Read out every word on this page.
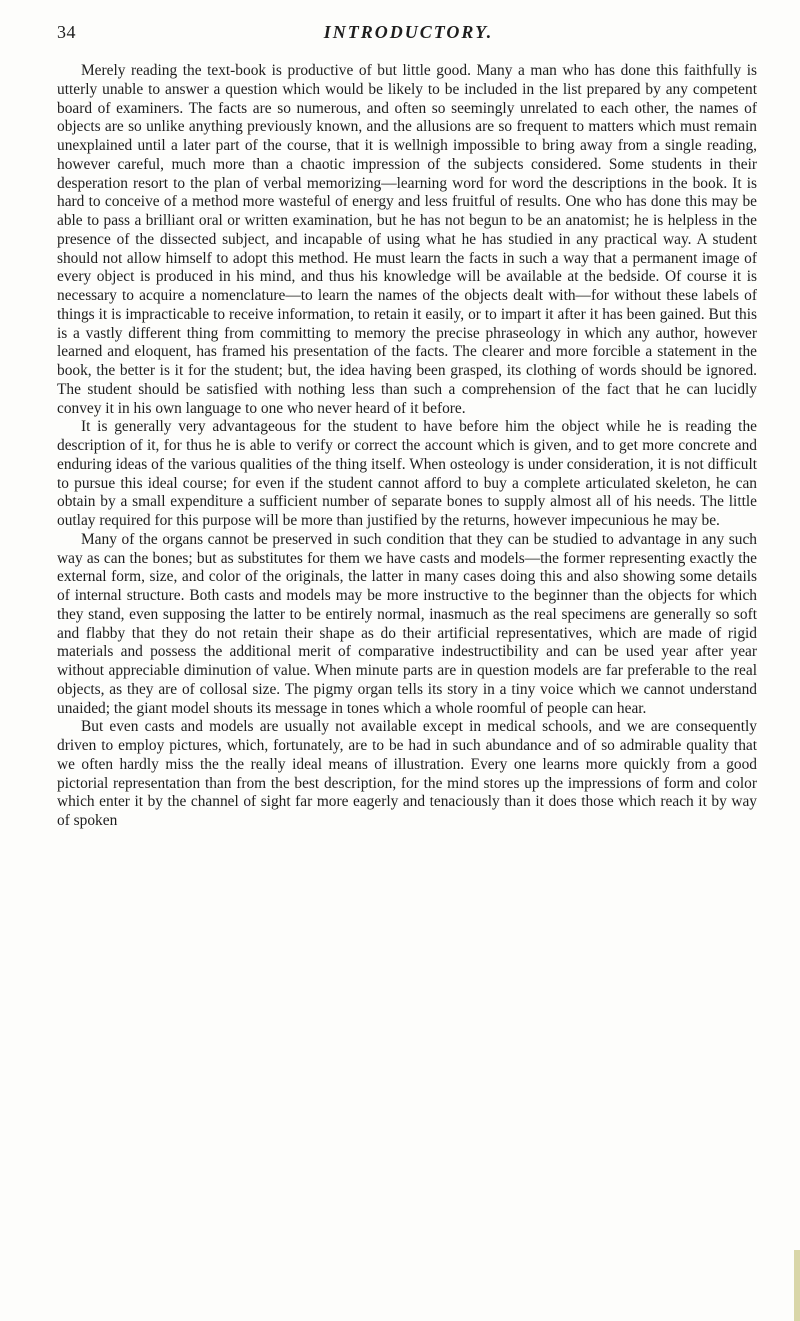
34	INTRODUCTORY.

Merely reading the text-book is productive of but little good. Many a man who has done this faithfully is utterly unable to answer a question which would be likely to be included in the list prepared by any competent board of examiners. The facts are so numerous, and often so seemingly unrelated to each other, the names of objects are so unlike anything previously known, and the allusions are so frequent to matters which must remain unexplained until a later part of the course, that it is wellnigh impossible to bring away from a single reading, however careful, much more than a chaotic impression of the subjects considered. Some students in their desperation resort to the plan of verbal memorizing—learning word for word the descriptions in the book. It is hard to conceive of a method more wasteful of energy and less fruitful of results. One who has done this may be able to pass a brilliant oral or written examination, but he has not begun to be an anatomist; he is helpless in the presence of the dissected subject, and incapable of using what he has studied in any practical way. A student should not allow himself to adopt this method. He must learn the facts in such a way that a permanent image of every object is produced in his mind, and thus his knowledge will be available at the bedside. Of course it is necessary to acquire a nomenclature—to learn the names of the objects dealt with—for without these labels of things it is impracticable to receive information, to retain it easily, or to impart it after it has been gained. But this is a vastly different thing from committing to memory the precise phraseology in which any author, however learned and eloquent, has framed his presentation of the facts. The clearer and more forcible a statement in the book, the better is it for the student; but, the idea having been grasped, its clothing of words should be ignored. The student should be satisfied with nothing less than such a comprehension of the fact that he can lucidly convey it in his own language to one who never heard of it before.

It is generally very advantageous for the student to have before him the object while he is reading the description of it, for thus he is able to verify or correct the account which is given, and to get more concrete and enduring ideas of the various qualities of the thing itself. When osteology is under consideration, it is not difficult to pursue this ideal course; for even if the student cannot afford to buy a complete articulated skeleton, he can obtain by a small expenditure a sufficient number of separate bones to supply almost all of his needs. The little outlay required for this purpose will be more than justified by the returns, however impecunious he may be.

Many of the organs cannot be preserved in such condition that they can be studied to advantage in any such way as can the bones; but as substitutes for them we have casts and models—the former representing exactly the external form, size, and color of the originals, the latter in many cases doing this and also showing some details of internal structure. Both casts and models may be more instructive to the beginner than the objects for which they stand, even supposing the latter to be entirely normal, inasmuch as the real specimens are generally so soft and flabby that they do not retain their shape as do their artificial representatives, which are made of rigid materials and possess the additional merit of comparative indestructibility and can be used year after year without appreciable diminution of value. When minute parts are in question models are far preferable to the real objects, as they are of collosal size. The pigmy organ tells its story in a tiny voice which we cannot understand unaided; the giant model shouts its message in tones which a whole roomful of people can hear.

But even casts and models are usually not available except in medical schools, and we are consequently driven to employ pictures, which, fortunately, are to be had in such abundance and of so admirable quality that we often hardly miss the the really ideal means of illustration. Every one learns more quickly from a good pictorial representation than from the best description, for the mind stores up the impressions of form and color which enter it by the channel of sight far more eagerly and tenaciously than it does those which reach it by way of spoken
